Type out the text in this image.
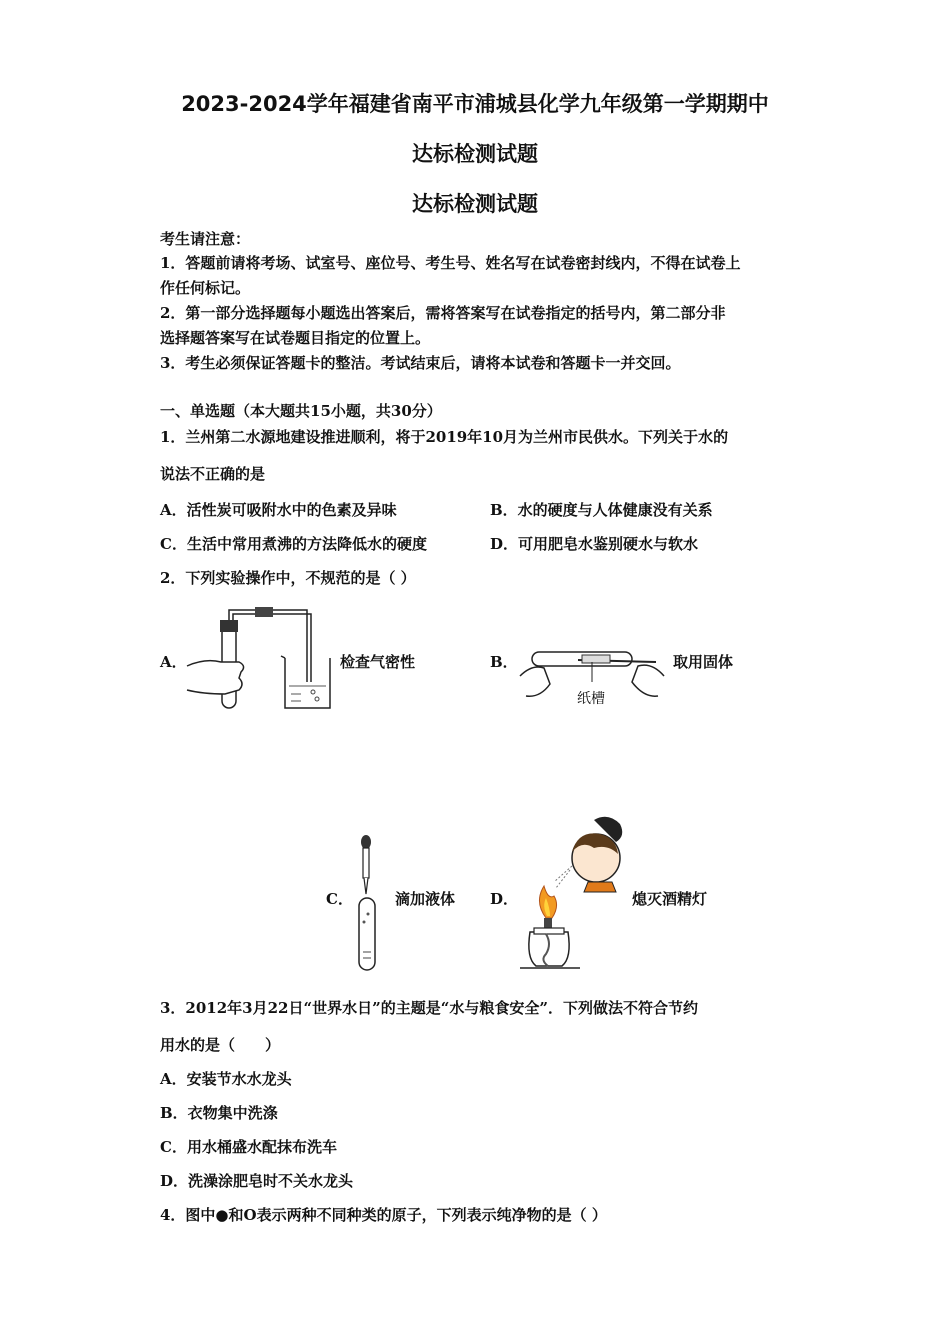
2023-2024学年福建省南平市浦城县化学九年级第一学期期中
达标检测试题
达标检测试题
考生请注意：
1．答题前请将考场、试室号、座位号、考生号、姓名写在试卷密封线内，不得在试卷上
作任何标记。
2．第一部分选择题每小题选出答案后，需将答案写在试卷指定的括号内，第二部分非
选择题答案写在试卷题目指定的位置上。
3．考生必须保证答题卡的整洁。考试结束后，请将本试卷和答题卡一并交回。
一、单选题（本大题共15小题，共30分）
1．兰州第二水源地建设推进顺利，将于2019年10月为兰州市民供水。下列关于水的
说法不正确的是
A．活性炭可吸附水中的色素及异味	B．水的硬度与人体健康没有关系
C．生活中常用煮沸的方法降低水的硬度	D．可用肥皂水鉴别硬水与软水
2．下列实验操作中，不规范的是（ ）
A．	检查气密性	B．
纸槽
取用固体
C．	滴加液体 D．	熄灭酒精灯
3．2012年3月22日“世界水日”的主题是“水与粮食安全”．下列做法不符合节约
用水的是（　　）
A．安装节水水龙头
B．衣物集中洗涤
C．用水桶盛水配抹布洗车
D．洗澡涂肥皂时不关水龙头
4．图中●和O表示两种不同种类的原子，下列表示纯净物的是（ ）
